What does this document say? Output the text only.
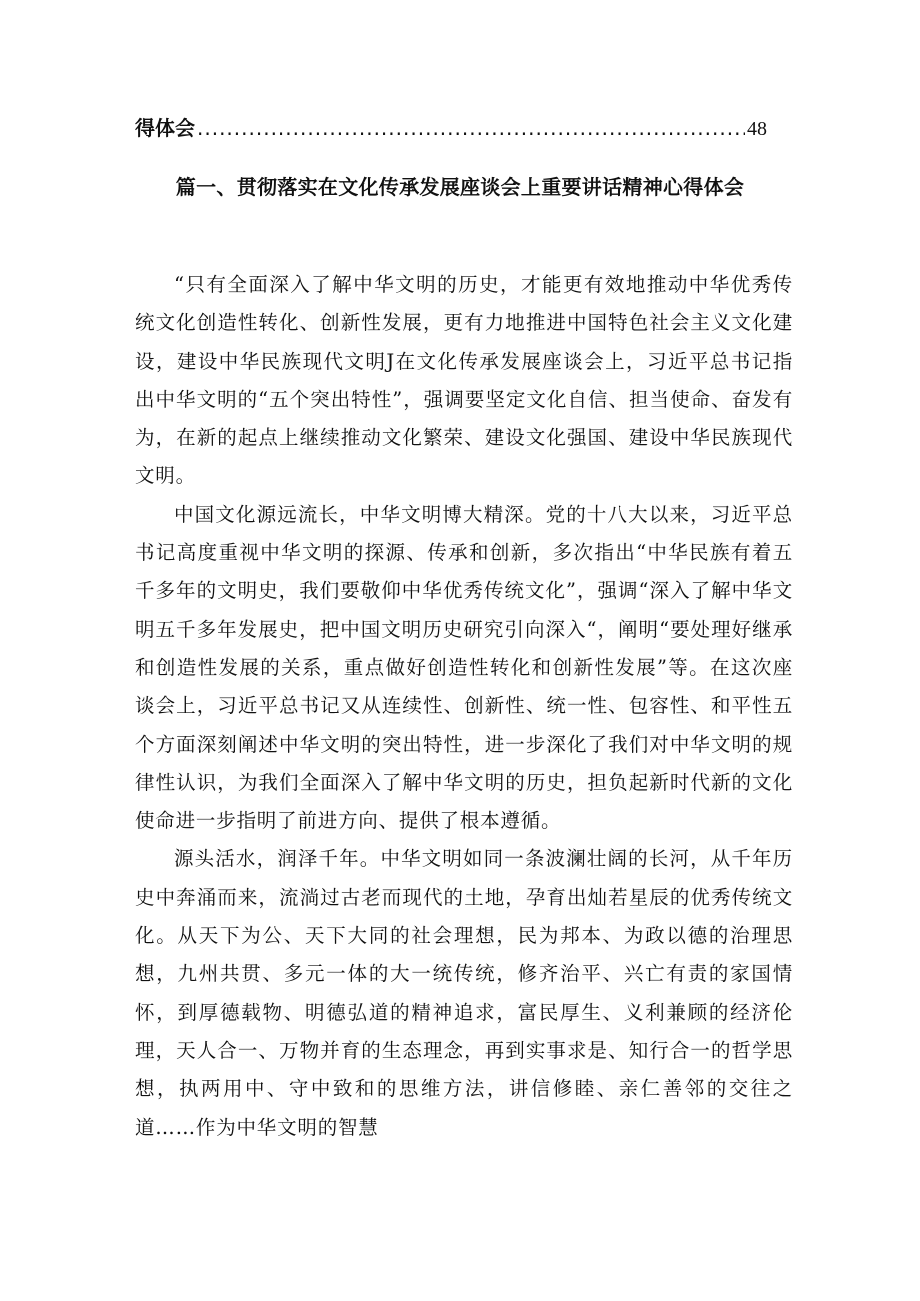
得体会
.....	48
篇一、贯彻落实在文化传承发展座谈会上重要讲话精神心得体会

“只有全面深入了解中华文明的历史，才能更有效地推动中华优秀传统文化创造性转化、创新性发展，更有力地推进中国特色社会主义文化建设，建设中华民族现代文明J在文化传承发展座谈会上，习近平总书记指出中华文明的“五个突出特性”，强调要坚定文化自信、担当使命、奋发有为，在新的起点上继续推动文化繁荣、建设文化强国、建设中华民族现代文明。

中国文化源远流长，中华文明博大精深。党的十八大以来，习近平总书记高度重视中华文明的探源、传承和创新，多次指出“中华民族有着五千多年的文明史，我们要敬仰中华优秀传统文化”，强调“深入了解中华文明五千多年发展史，把中国文明历史研究引向深入“，阐明“要处理好继承和创造性发展的关系，重点做好创造性转化和创新性发展”等。在这次座谈会上，习近平总书记又从连续性、创新性、统一性、包容性、和平性五个方面深刻阐述中华文明的突出特性，进一步深化了我们对中华文明的规律性认识，为我们全面深入了解中华文明的历史，担负起新时代新的文化使命进一步指明了前进方向、提供了根本遵循。

源头活水，润泽千年。中华文明如同一条波澜壮阔的长河，从千年历史中奔涌而来，流淌过古老而现代的土地，孕育出灿若星辰的优秀传统文化。从天下为公、天下大同的社会理想，民为邦本、为政以德的治理思想，九州共贯、多元一体的大一统传统，修齐治平、兴亡有责的家国情怀，到厚德载物、明德弘道的精神追求，富民厚生、义利兼顾的经济伦理，天人合一、万物并育的生态理念，再到实事求是、知行合一的哲学思想，执两用中、守中致和的思维方法，讲信修睦、亲仁善邻的交往之道……作为中华文明的智慧
